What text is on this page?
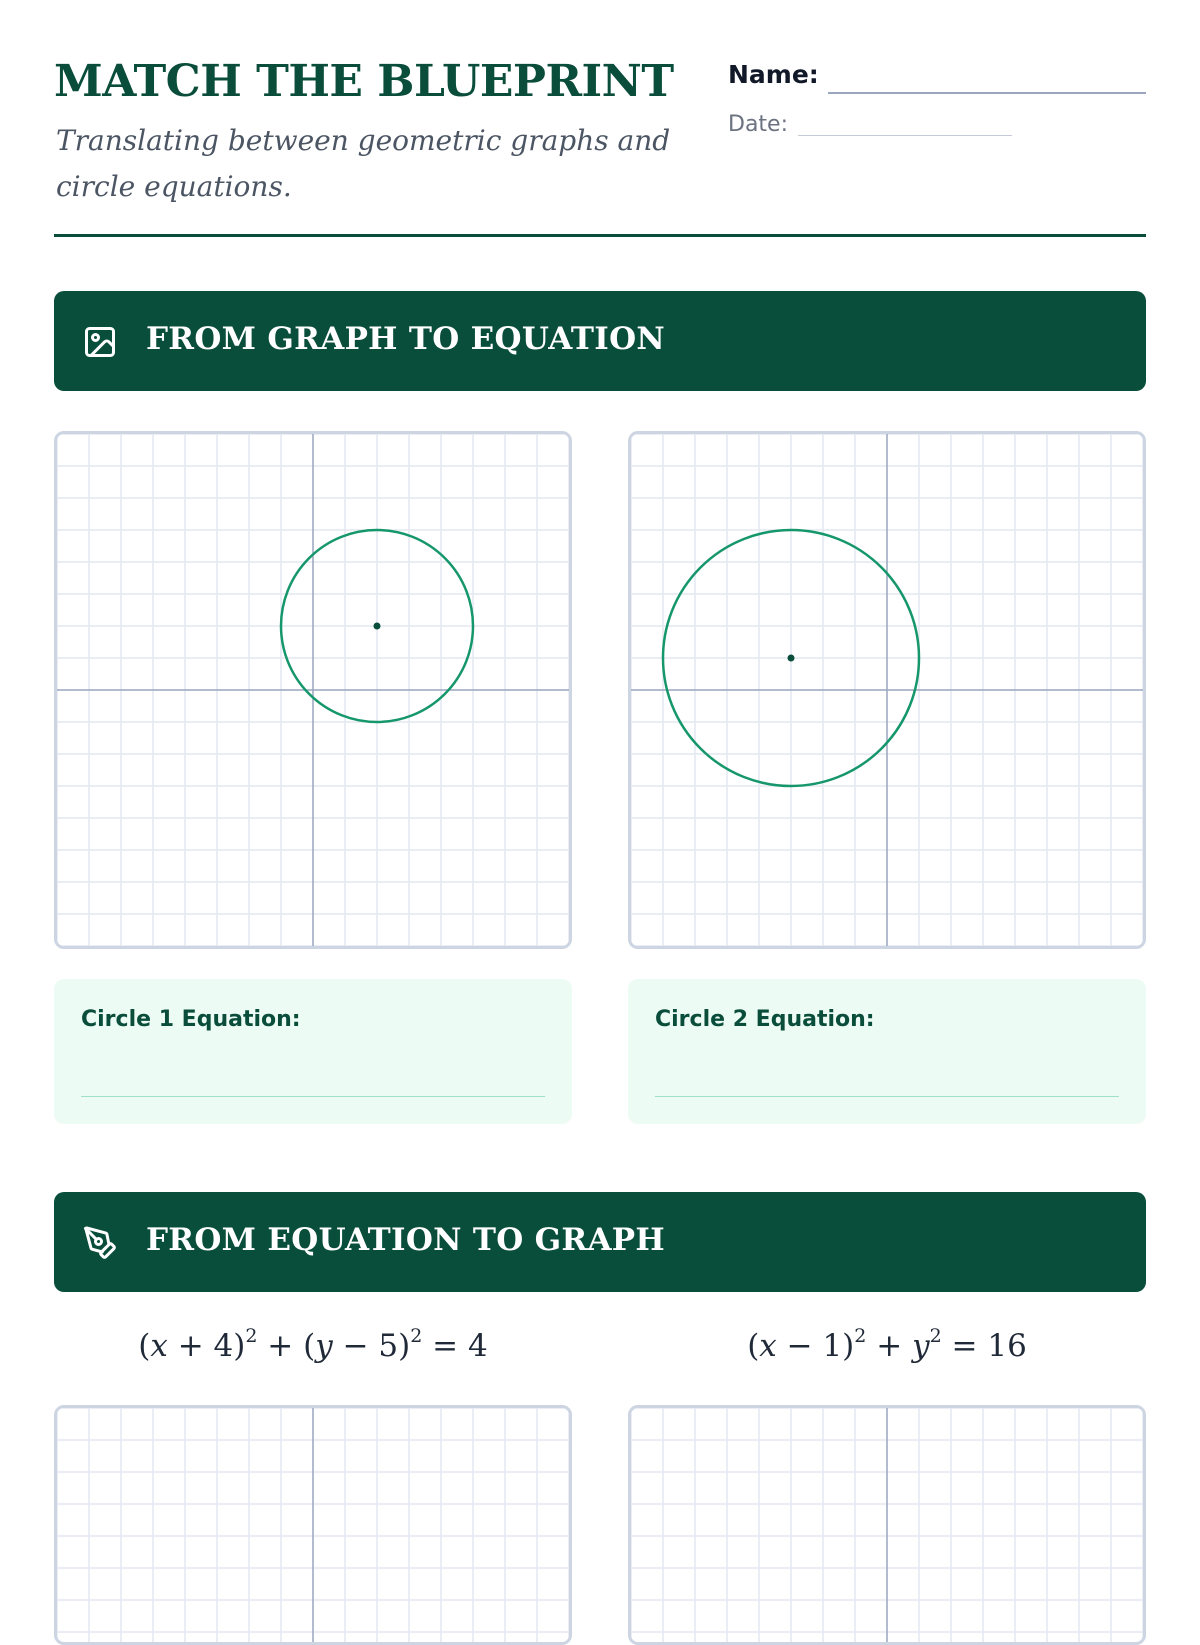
MATCH THE BLUEPRINT
Translating between geometric graphs and circle equations.
Name:
Date:
FROM GRAPH TO EQUATION
Circle 1 Equation:	Circle 2 Equation:
FROM EQUATION TO GRAPH
$(x + 4)^2 + (y - 5)^2 = 4$	$(x - 1)^2 + y^2 = 16$
